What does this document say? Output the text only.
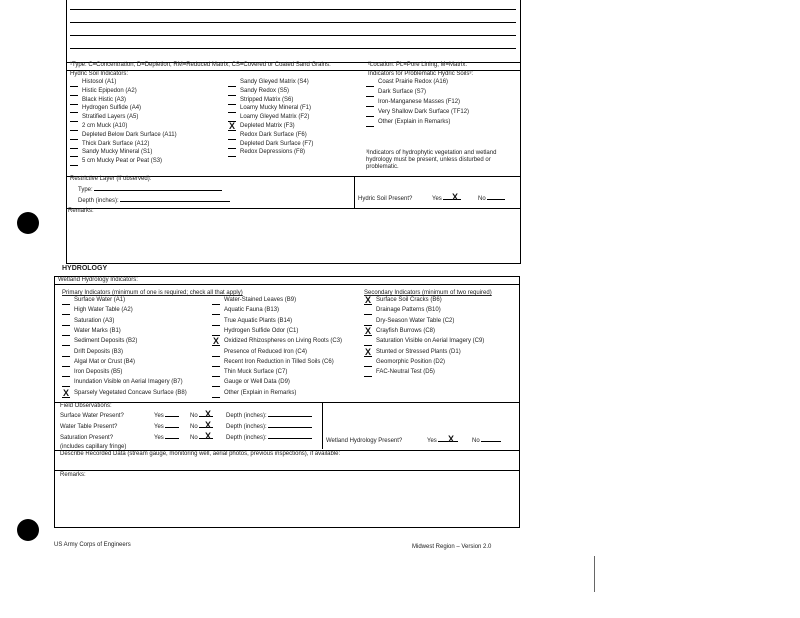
¹Type: C=Concentration, D=Depletion, RM=Reduced Matrix, CS=Covered or Coated Sand Grains.	²Location: PL=Pore Lining, M=Matrix.
Hydric Soil Indicators:	Indicators for Problematic Hydric Soils³:
Histosol (A1)
Histic Epipedon (A2)
Black Histic (A3)
Hydrogen Sulfide (A4)
Stratified Layers (A5)
2 cm Muck (A10)
Depleted Below Dark Surface (A11)
Thick Dark Surface (A12)
Sandy Mucky Mineral (S1)
5 cm Mucky Peat or Peat (S3)
Sandy Gleyed Matrix (S4)
Sandy Redox (S5)
Stripped Matrix (S6)
Loamy Mucky Mineral (F1)
Loamy Gleyed Matrix (F2)
X Depleted Matrix (F3)
Redox Dark Surface (F6)
Depleted Dark Surface (F7)
Redox Depressions (F8)
Coast Prairie Redox (A16)
Dark Surface (S7)
Iron-Manganese Masses (F12)
Very Shallow Dark Surface (TF12)
Other (Explain in Remarks)
³Indicators of hydrophytic vegetation and wetland hydrology must be present, unless disturbed or problematic.
Restrictive Layer (if observed):
Type:
Depth (inches):	Hydric Soil Present?	Yes	X	No
Remarks:
HYDROLOGY
Wetland Hydrology Indicators:
Primary Indicators (minimum of one is required; check all that apply)	Secondary Indicators (minimum of two required)
Surface Water (A1)
High Water Table (A2)
Saturation (A3)
Water Marks (B1)
Sediment Deposits (B2)
Drift Deposits (B3)
Algal Mat or Crust (B4)
Iron Deposits (B5)
Inundation Visible on Aerial Imagery (B7)
X Sparsely Vegetated Concave Surface (B8)
Water-Stained Leaves (B9)
Aquatic Fauna (B13)
True Aquatic Plants (B14)
Hydrogen Sulfide Odor (C1)
X Oxidized Rhizospheres on Living Roots (C3)
Presence of Reduced Iron (C4)
Recent Iron Reduction in Tilled Soils (C6)
Thin Muck Surface (C7)
Gauge or Well Data (D9)
Other (Explain in Remarks)
X Surface Soil Cracks (B6)
Drainage Patterns (B10)
Dry-Season Water Table (C2)
X Crayfish Burrows (C8)
Saturation Visible on Aerial Imagery (C9)
X Stunted or Stressed Plants (D1)
Geomorphic Position (D2)
FAC-Neutral Test (D5)
Field Observations:
Surface Water Present?	Yes	No X Depth (inches):
Water Table Present?	Yes	No X Depth (inches):
Saturation Present?	Yes	No X Depth (inches):
(includes capillary fringe)
Wetland Hydrology Present?	Yes	X	No
Describe Recorded Data (stream gauge, monitoring well, aerial photos, previous inspections), if available:
Remarks:
US Army Corps of Engineers	Midwest Region – Version 2.0
